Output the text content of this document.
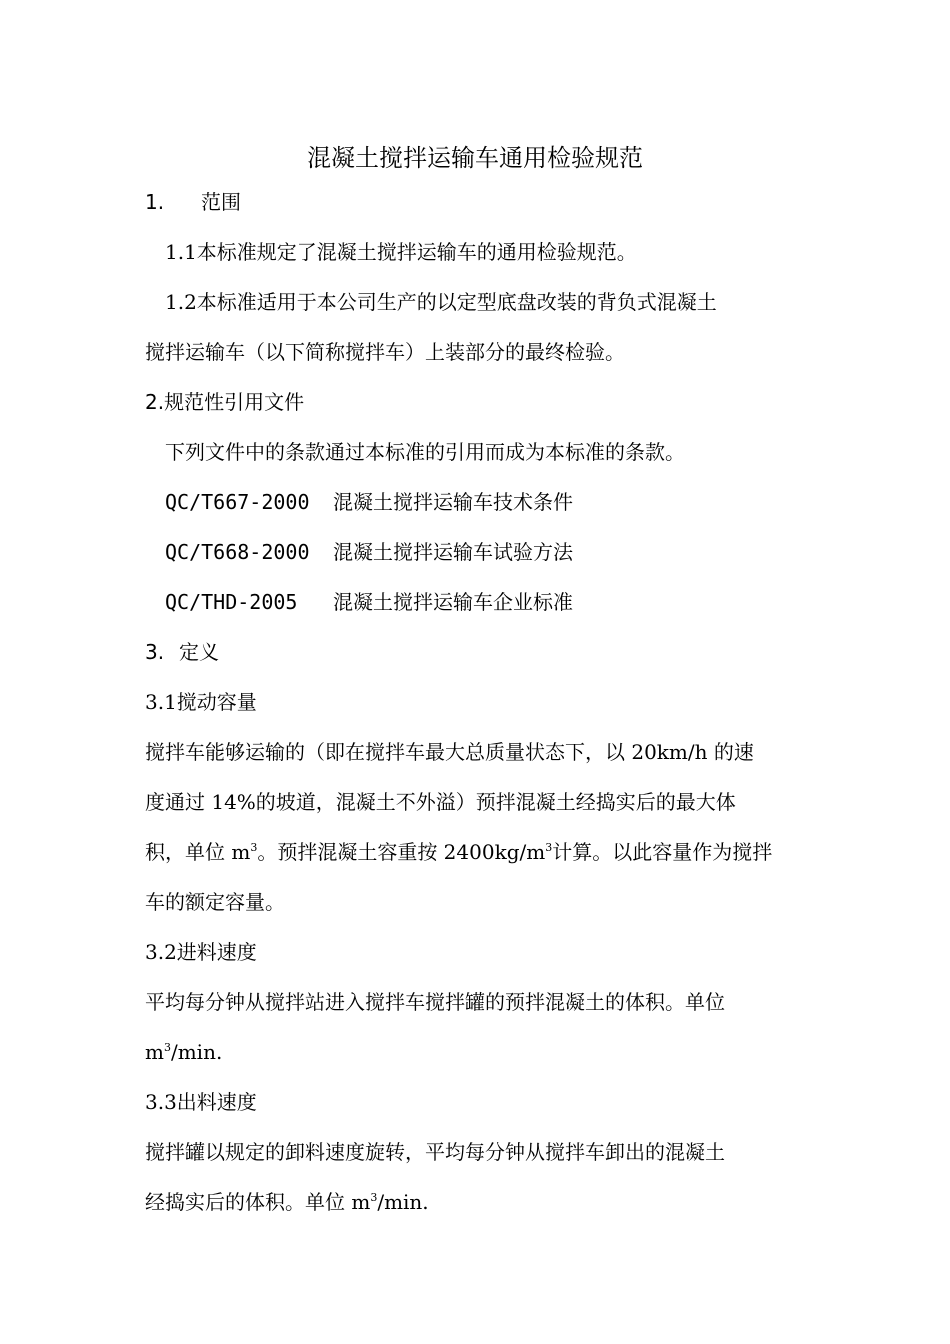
混凝土搅拌运输车通用检验规范
1. 范围
1.1本标准规定了混凝土搅拌运输车的通用检验规范。
1.2本标准适用于本公司生产的以定型底盘改装的背负式混凝土
搅拌运输车（以下简称搅拌车）上装部分的最终检验。
2.规范性引用文件
下列文件中的条款通过本标准的引用而成为本标准的条款。
QC/T667-2000 混凝土搅拌运输车技术条件
QC/T668-2000 混凝土搅拌运输车试验方法
QC/THD-2005 混凝土搅拌运输车企业标准
3. 定义
3.1搅动容量
搅拌车能够运输的（即在搅拌车最大总质量状态下，以 20km/h 的速
度通过 14%的坡道，混凝土不外溢）预拌混凝土经捣实后的最大体
积，单位 $m^3$。预拌混凝土容重按 $2400kg/m^3$计算。以此容量作为搅拌
车的额定容量。
3.2进料速度
平均每分钟从搅拌站进入搅拌车搅拌罐的预拌混凝土的体积。单位
$m^3/\min$.
3.3出料速度
搅拌罐以规定的卸料速度旋转，平均每分钟从搅拌车卸出的混凝土
经捣实后的体积。单位 $m^3/\min$.
